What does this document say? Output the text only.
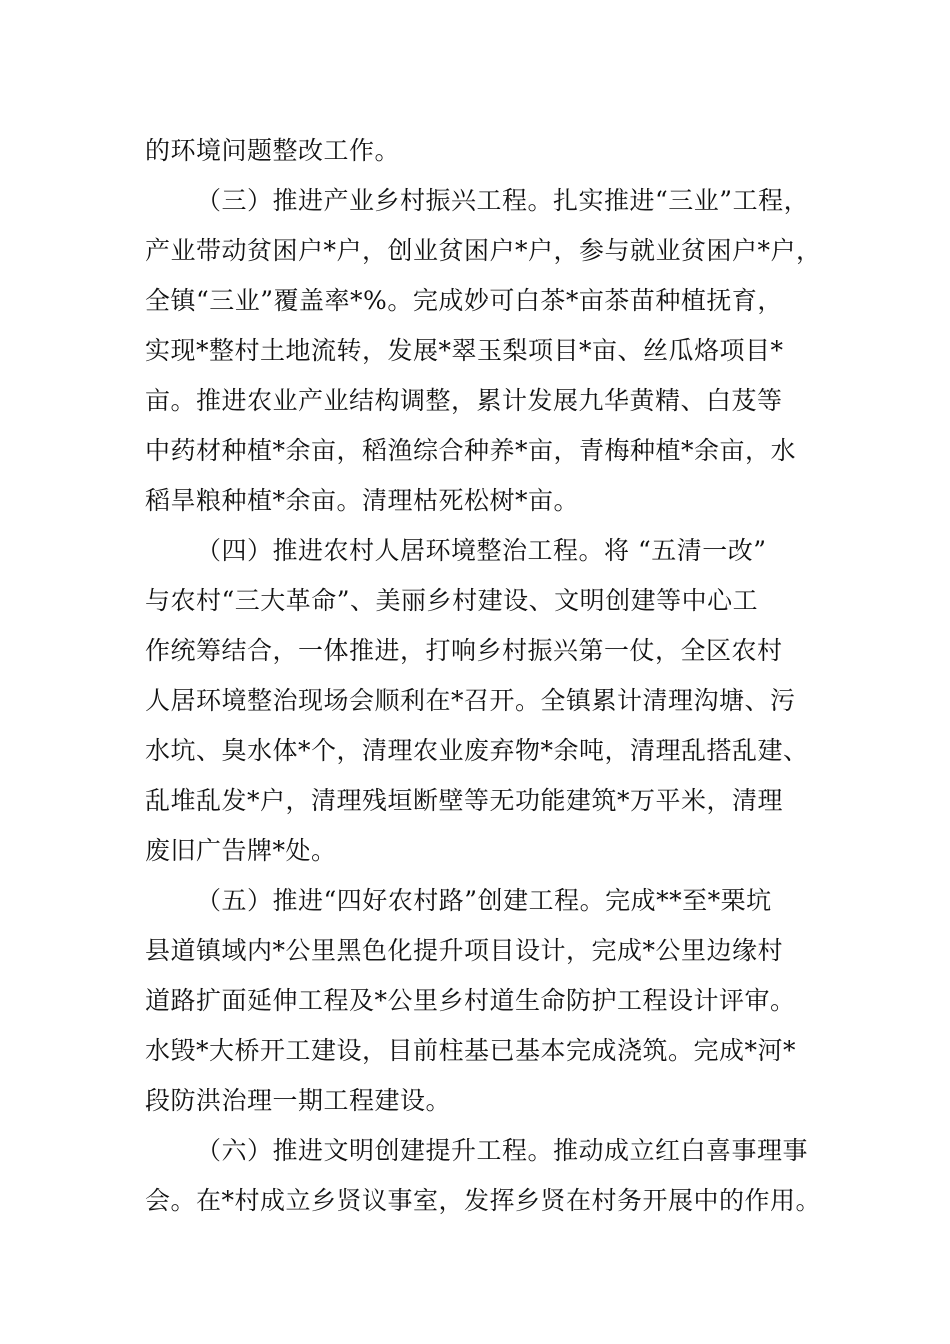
的环境问题整改工作。
（三）推进产业乡村振兴工程。扎实推进“三业”工程，
产业带动贫困户*户，创业贫困户*户，参与就业贫困户*户，
全镇“三业”覆盖率*%。完成妙可白茶*亩茶苗种植抚育，
实现*整村土地流转，发展*翠玉梨项目*亩、丝瓜烙项目*
亩。推进农业产业结构调整，累计发展九华黄精、白芨等
中药材种植*余亩，稻渔综合种养*亩，青梅种植*余亩，水
稻旱粮种植*余亩。清理枯死松树*亩。
（四）推进农村人居环境整治工程。将 “五清一改”
与农村“三大革命”、美丽乡村建设、文明创建等中心工
作统筹结合，一体推进，打响乡村振兴第一仗，全区农村
人居环境整治现场会顺利在*召开。全镇累计清理沟塘、污
水坑、臭水体*个，清理农业废弃物*余吨，清理乱搭乱建、
乱堆乱发*户，清理残垣断壁等无功能建筑*万平米，清理
废旧广告牌*处。
（五）推进“四好农村路”创建工程。完成**至*栗坑
县道镇域内*公里黑色化提升项目设计，完成*公里边缘村
道路扩面延伸工程及*公里乡村道生命防护工程设计评审。
水毁*大桥开工建设，目前柱基已基本完成浇筑。完成*河*
段防洪治理一期工程建设。
（六）推进文明创建提升工程。推动成立红白喜事理事
会。在*村成立乡贤议事室，发挥乡贤在村务开展中的作用。
